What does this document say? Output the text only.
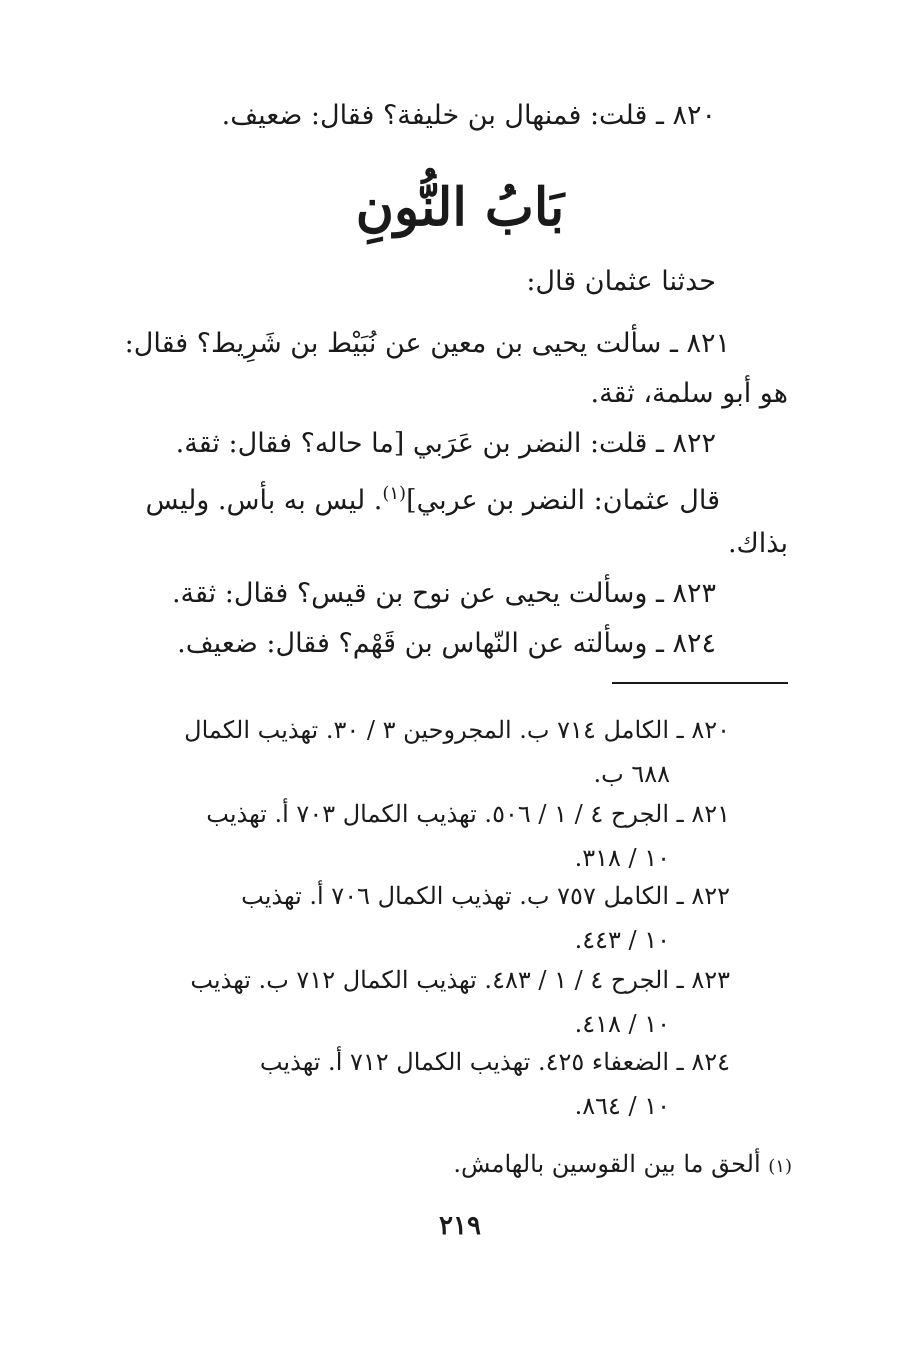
٨٢٠ ـ قلت: فمنهال بن خليفة؟ فقال: ضعيف.
بَابُ النُّونِ
حدثنا عثمان قال:
٨٢١ ـ سألت يحيى بن معين عن نُبَيْط بن شَرِيط؟ فقال:
هو أبو سلمة، ثقة.
٨٢٢ ـ قلت: النضر بن عَرَبي [ما حاله؟ فقال: ثقة.
قال عثمان: النضر بن عربي]$^{(١)}$. ليس به بأس. وليس
بذاك.
٨٢٣ ـ وسألت يحيى عن نوح بن قيس؟ فقال: ثقة.
٨٢٤ ـ وسألته عن النّهاس بن قَهْم؟ فقال: ضعيف.
٨٢٠ ـ الكامل ٧١٤ ب. المجروحين ٣ / ٣٠. تهذيب الكمال
٦٨٨ ب.
٨٢١ ـ الجرح ٤ / ١ / ٥٠٦. تهذيب الكمال ٧٠٣ أ. تهذيب
١٠ / ٣١٨.
٨٢٢ ـ الكامل ٧٥٧ ب. تهذيب الكمال ٧٠٦ أ. تهذيب
١٠ / ٤٤٣.
٨٢٣ ـ الجرح ٤ / ١ / ٤٨٣. تهذيب الكمال ٧١٢ ب. تهذيب
١٠ / ٤١٨.
٨٢٤ ـ الضعفاء ٤٢٥. تهذيب الكمال ٧١٢ أ. تهذيب
١٠ / ٨٦٤.
(١) ألحق ما بين القوسين بالهامش.
٢١٩
